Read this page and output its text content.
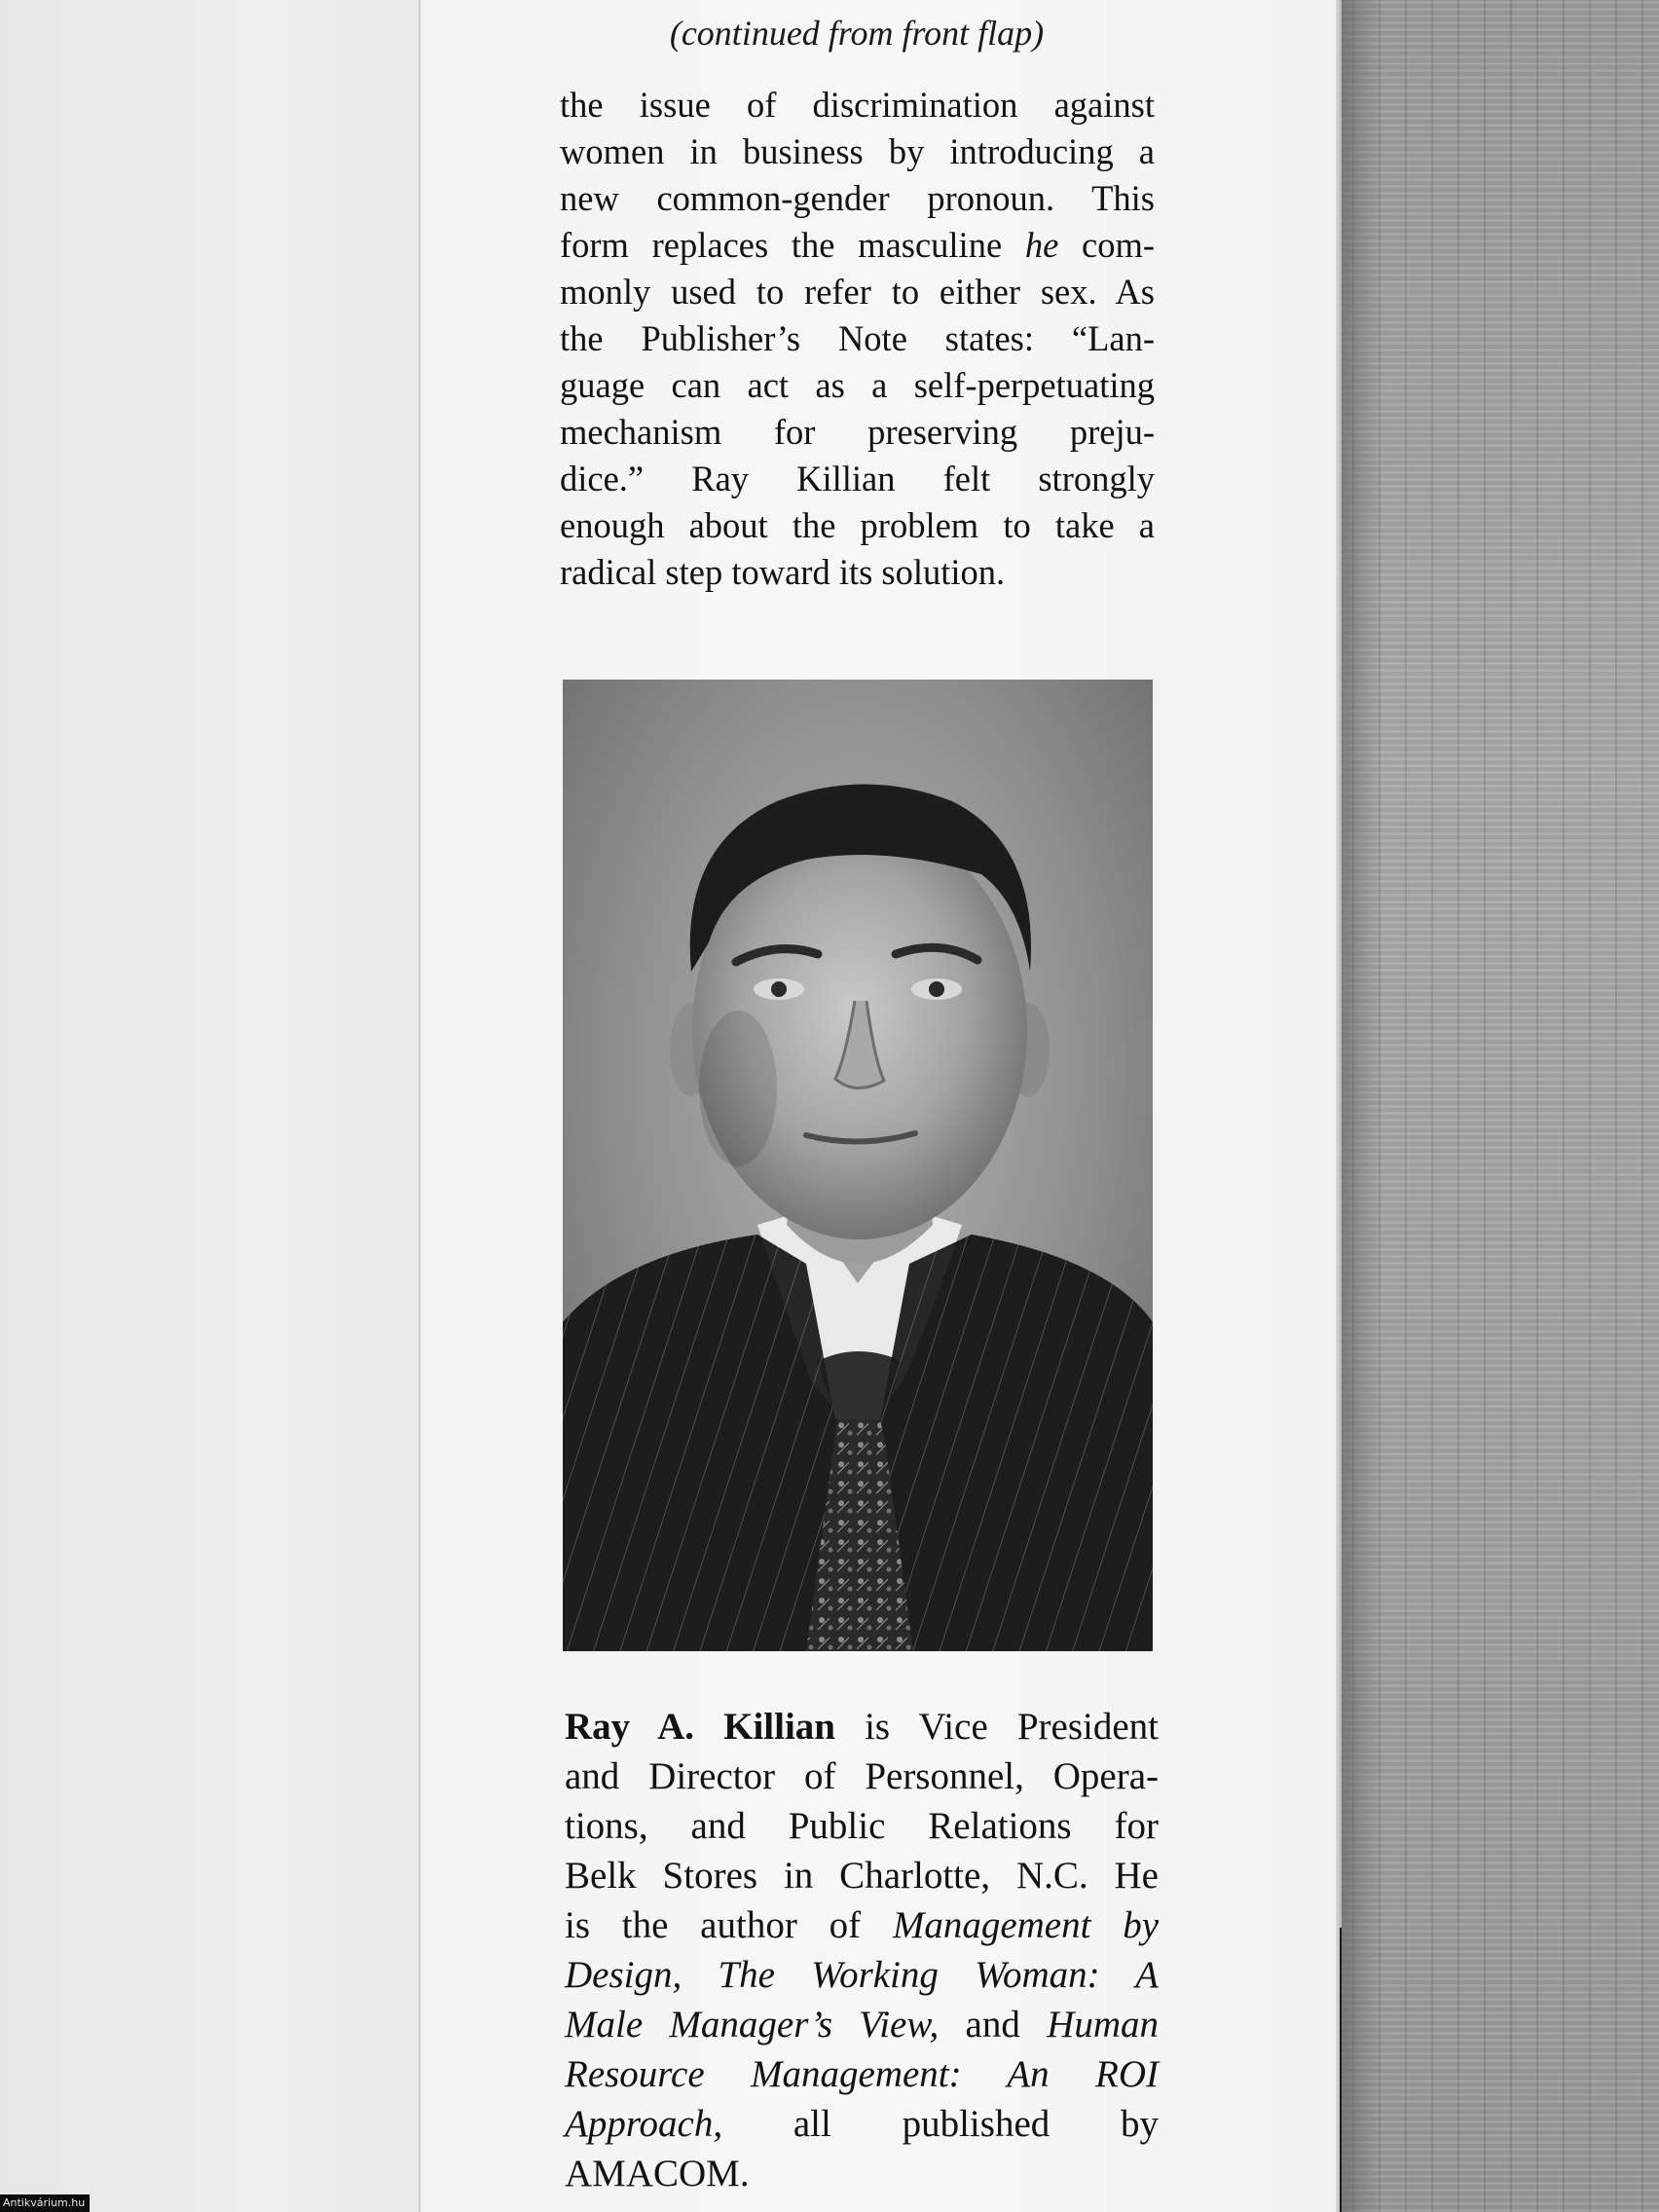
(continued from front flap)

the issue of discrimination against
women in business by introducing a
new common-gender pronoun. This
form replaces the masculine he com-
monly used to refer to either sex. As
the Publisher’s Note states: “Lan-
guage can act as a self-perpetuating
mechanism for preserving preju-
dice.” Ray Killian felt strongly
enough about the problem to take a
radical step toward its solution.
Ray A. Killian is Vice President
and Director of Personnel, Opera-
tions, and Public Relations for
Belk Stores in Charlotte, N.C. He
is the author of Management by
Design, The Working Woman: A
Male Manager’s View, and Human
Resource Management: An ROI
Approach, all published by
AMACOM.
Antikvárium.hu
